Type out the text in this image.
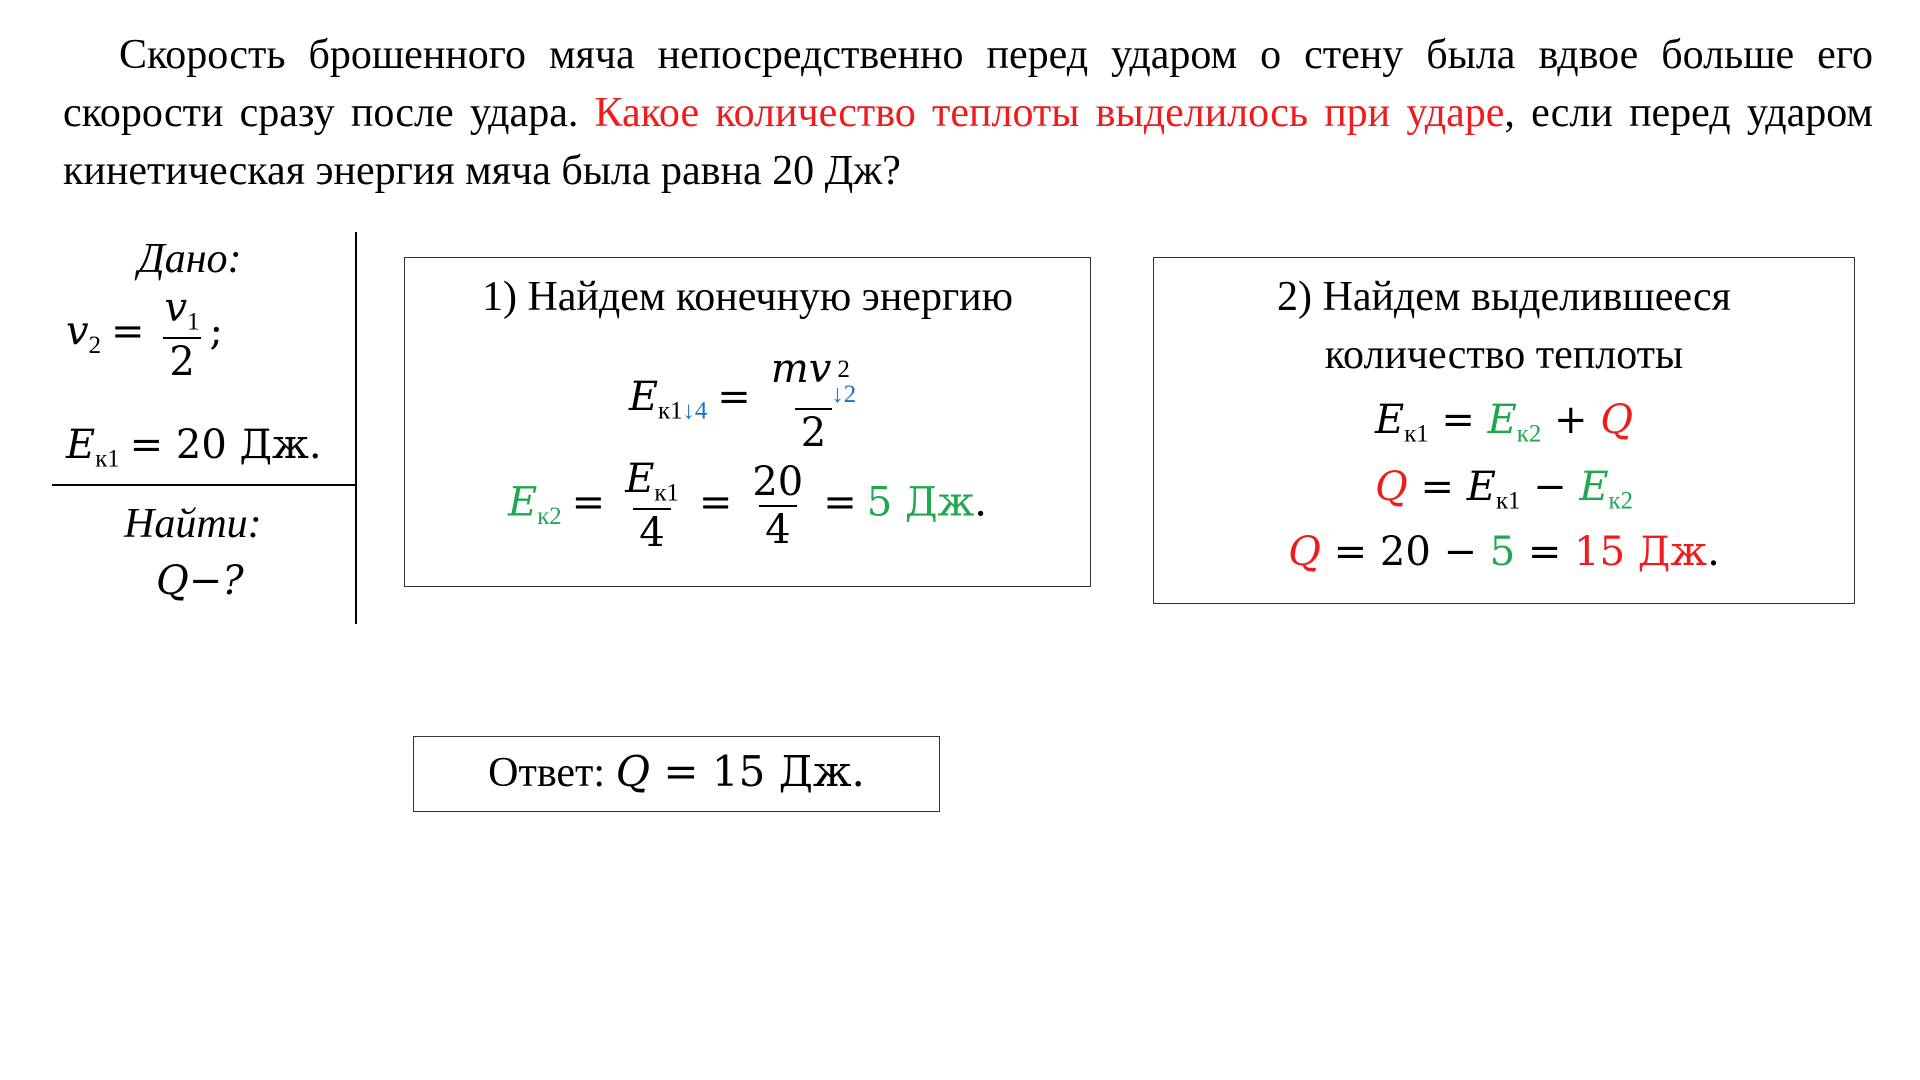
Скорость брошенного мяча непосредственно перед ударом о стену была вдвое больше его скорости сразу после удара. Какое количество теплоты выделилось при ударе, если перед ударом кинетическая энергия мяча была равна 20 Дж?
Дано:
$v_2 = \frac{v_1}{2}$ ;
$E_{к1} = 20$ Дж.
Найти:
Q−?
1) Найдем конечную энергию
$E_{к1↓4}$ = mv 2
↓2
2
$E_{к2} = \frac{E_{к1}}{4} = \frac{20}{4} = 5$ Дж.
2) Найдем выделившееся
количество теплоты
$E_{к1} = E_{к2} + Q$
$Q = E_{к1} - E_{к2}$
Q = 20 − 5 = 15 Дж.
Ответ: Q = 15 Дж.
